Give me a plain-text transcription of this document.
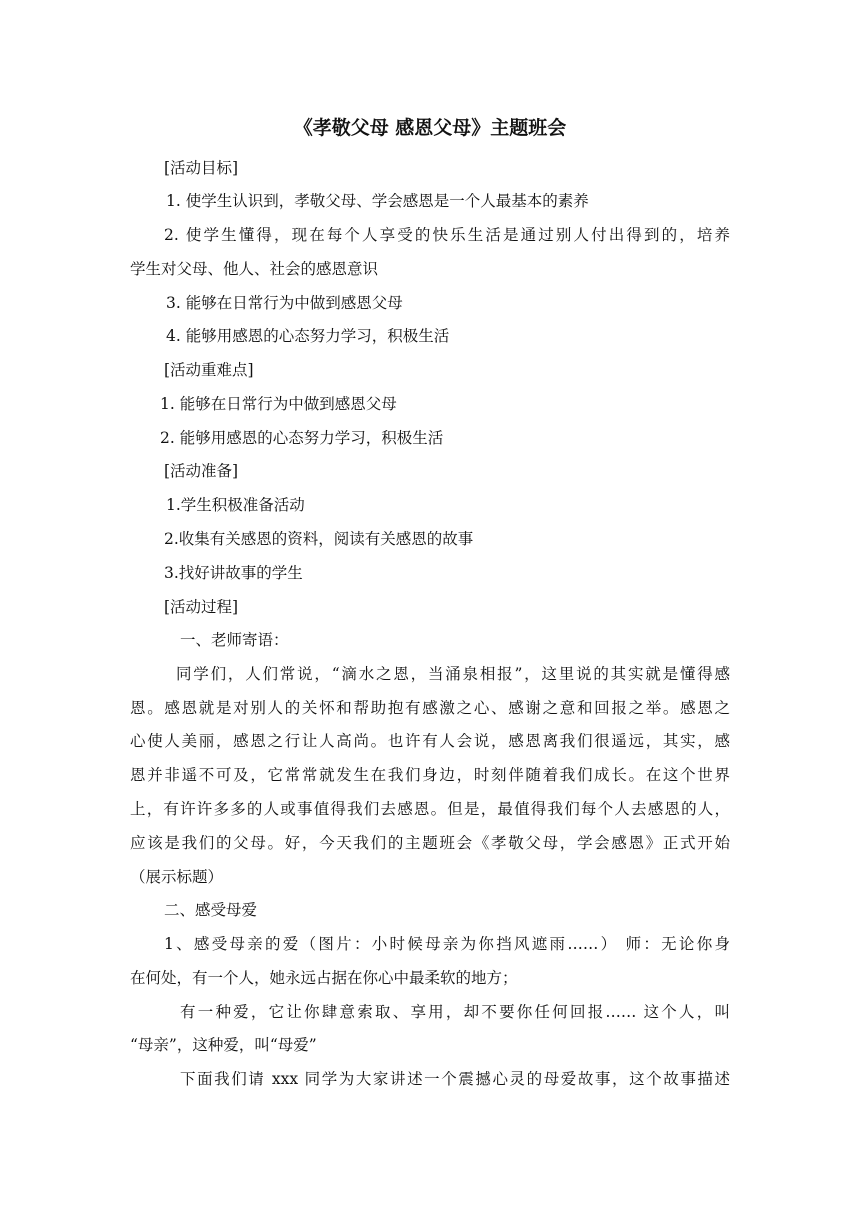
《孝敬父母 感恩父母》主题班会
[活动目标]
1. 使学生认识到，孝敬父母、学会感恩是一个人最基本的素养
2. 使学生懂得，现在每个人享受的快乐生活是通过别人付出得到的，培养
学生对父母、他人、社会的感恩意识
3. 能够在日常行为中做到感恩父母
4. 能够用感恩的心态努力学习，积极生活
[活动重难点]
1. 能够在日常行为中做到感恩父母
2. 能够用感恩的心态努力学习，积极生活
[活动准备]
1.学生积极准备活动
2.收集有关感恩的资料，阅读有关感恩的故事
3.找好讲故事的学生
[活动过程]
一、老师寄语：
同学们，人们常说，“滴水之恩，当涌泉相报”，这里说的其实就是懂得感
恩。感恩就是对别人的关怀和帮助抱有感激之心、感谢之意和回报之举。感恩之
心使人美丽，感恩之行让人高尚。也许有人会说，感恩离我们很遥远，其实，感
恩并非遥不可及，它常常就发生在我们身边，时刻伴随着我们成长。在这个世界
上，有许许多多的人或事值得我们去感恩。但是，最值得我们每个人去感恩的人，
应该是我们的父母。好，今天我们的主题班会《孝敬父母，学会感恩》正式开始
（展示标题）
二、感受母爱
1、感受母亲的爱（图片：小时候母亲为你挡风遮雨……） 师：无论你身
在何处，有一个人，她永远占据在你心中最柔软的地方；
有一种爱，它让你肆意索取、享用，却不要你任何回报…… 这个人，叫
“母亲”，这种爱，叫“母爱”
下面我们请 xxx 同学为大家讲述一个震撼心灵的母爱故事，这个故事描述
